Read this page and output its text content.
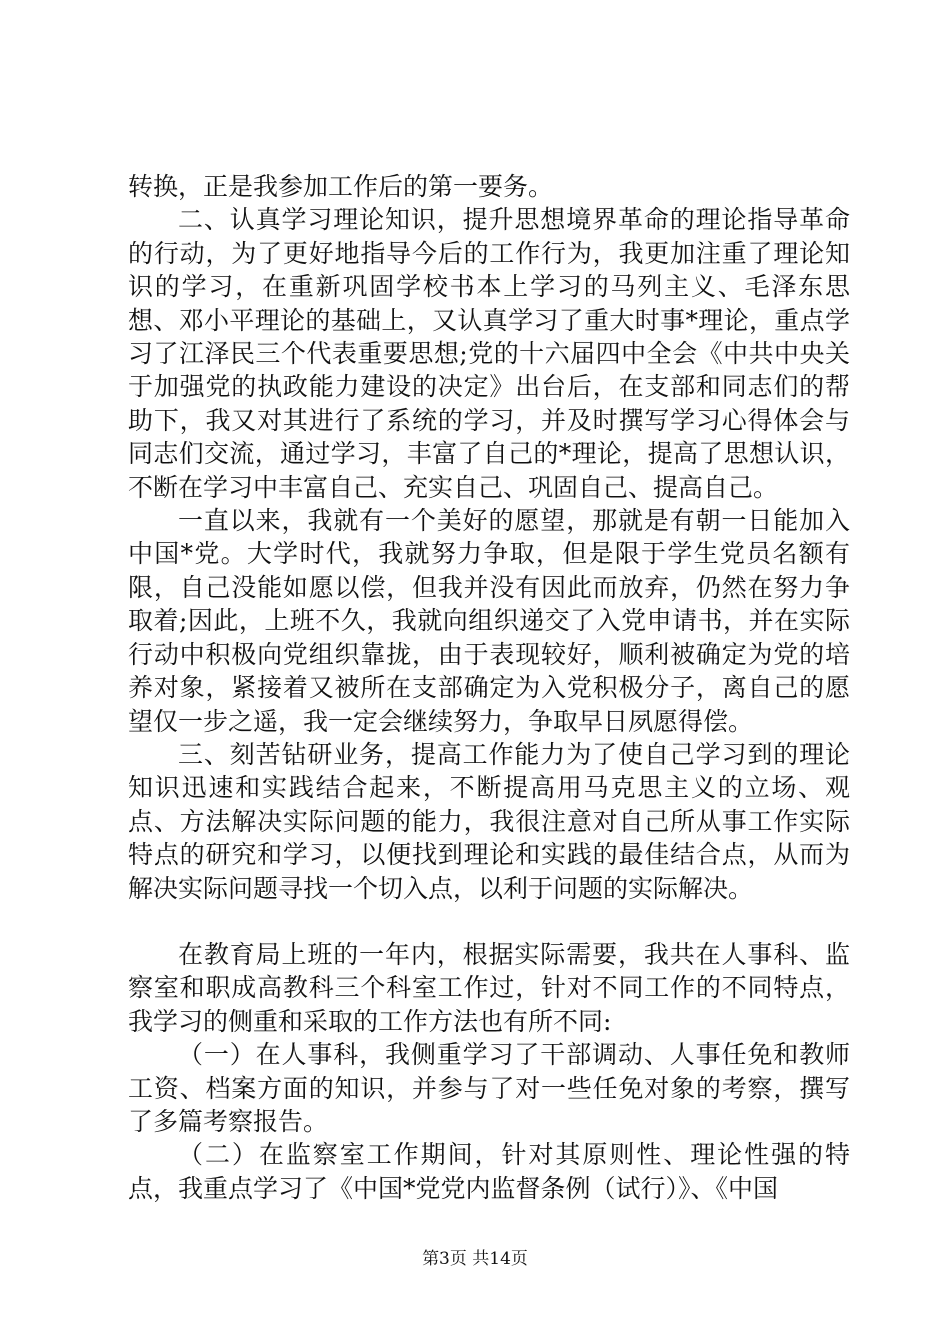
转换，正是我参加工作后的第一要务。

二、认真学习理论知识，提升思想境界革命的理论指导革命的行动，为了更好地指导今后的工作行为，我更加注重了理论知识的学习，在重新巩固学校书本上学习的马列主义、毛泽东思想、邓小平理论的基础上，又认真学习了重大时事*理论，重点学习了江泽民三个代表重要思想;党的十六届四中全会《中共中央关于加强党的执政能力建设的决定》出台后，在支部和同志们的帮助下，我又对其进行了系统的学习，并及时撰写学习心得体会与同志们交流，通过学习，丰富了自己的*理论，提高了思想认识，不断在学习中丰富自己、充实自己、巩固自己、提高自己。

一直以来，我就有一个美好的愿望，那就是有朝一日能加入中国*党。大学时代，我就努力争取，但是限于学生党员名额有限，自己没能如愿以偿，但我并没有因此而放弃，仍然在努力争取着;因此，上班不久，我就向组织递交了入党申请书，并在实际行动中积极向党组织靠拢，由于表现较好，顺利被确定为党的培养对象，紧接着又被所在支部确定为入党积极分子，离自己的愿望仅一步之遥，我一定会继续努力，争取早日夙愿得偿。

三、刻苦钻研业务，提高工作能力为了使自己学习到的理论知识迅速和实践结合起来，不断提高用马克思主义的立场、观点、方法解决实际问题的能力，我很注意对自己所从事工作实际特点的研究和学习，以便找到理论和实践的最佳结合点，从而为解决实际问题寻找一个切入点，以利于问题的实际解决。

在教育局上班的一年内，根据实际需要，我共在人事科、监察室和职成高教科三个科室工作过，针对不同工作的不同特点，我学习的侧重和采取的工作方法也有所不同:

（一）在人事科，我侧重学习了干部调动、人事任免和教师工资、档案方面的知识，并参与了对一些任免对象的考察，撰写了多篇考察报告。

（二）在监察室工作期间，针对其原则性、理论性强的特点，我重点学习了《中国*党党内监督条例（试行）》、《中国

第3页 共14页
